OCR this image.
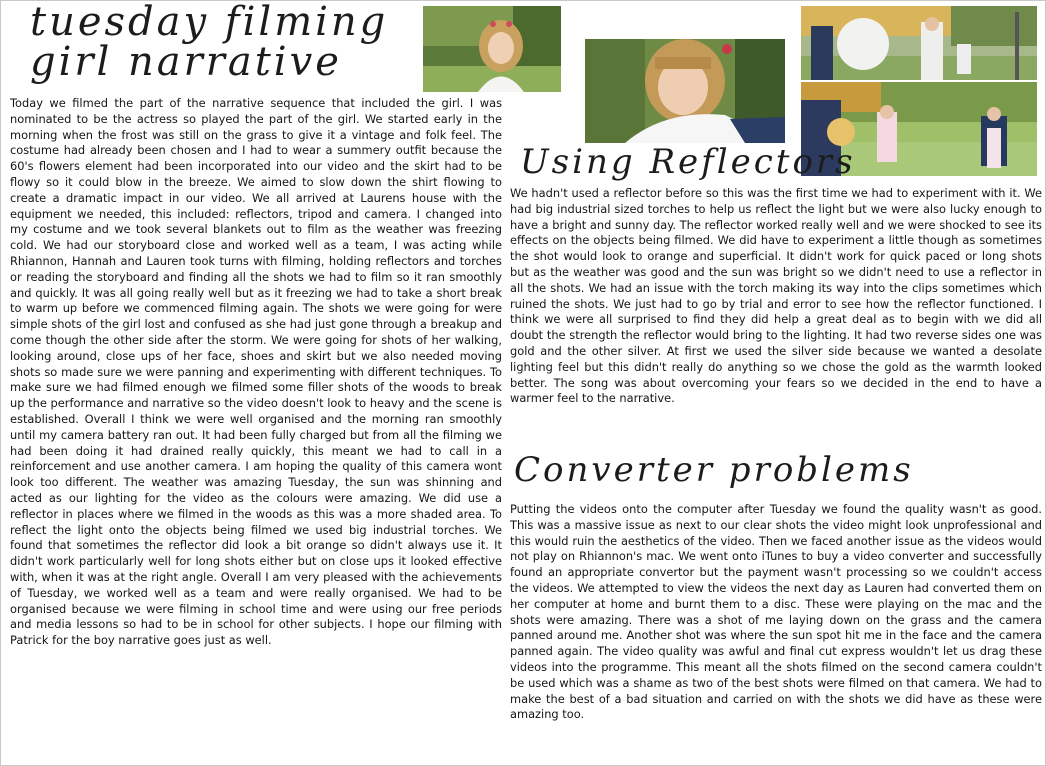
tuesday filming
girl narrative
Today we filmed the part of the narrative sequence that included the girl. I was nominated to be the actress so played the part of the girl. We started early in the morning when the frost was still on the grass to give it a vintage and folk feel. The costume had already been chosen and I had to wear a summery outfit because the 60's flowers element had been incorporated into our video and the skirt had to be flowy so it could blow in the breeze. We aimed to slow down the shirt flowing to create a dramatic impact in our video. We all arrived at Laurens house with the equipment we needed, this included: reflectors, tripod and camera. I changed into my costume and we took several blankets out to film as the weather was freezing cold. We had our storyboard close and worked well as a team, I was acting while Rhiannon, Hannah and Lauren took turns with filming, holding reflectors and torches or reading the storyboard and finding all the shots we had to film so it ran smoothly and quickly. It was all going really well but as it freezing we had to take a short break to warm up before we commenced filming again. The shots we were going for were simple shots of the girl lost and confused as she had just gone through a breakup and come though the other side after the storm. We were going for shots of her walking, looking around, close ups of her face, shoes and skirt but we also needed moving shots so made sure we were panning and experimenting with different techniques. To make sure we had filmed enough we filmed some filler shots of the woods to break up the performance and narrative so the video doesn't look to heavy and the scene is established. Overall I think we were well organised and the morning ran smoothly until my camera battery ran out. It had been fully charged but from all the filming we had been doing it had drained really quickly, this meant we had to call in a reinforcement and use another camera. I am hoping the quality of this camera wont look too different. The weather was amazing Tuesday, the sun was shinning and acted as our lighting for the video as the colours were amazing. We did use a reflector in places where we filmed in the woods as this was a more shaded area. To reflect the light onto the objects being filmed we used big industrial torches. We found that sometimes the reflector did look a bit orange so didn't always use it. It didn't work particularly well for long shots either but on close ups it looked effective with, when it was at the right angle. Overall I am very pleased with the achievements of Tuesday, we worked well as a team and were really organised. We had to be organised because we were filming in school time and were using our free periods and media lessons so had to be in school for other subjects. I hope our filming with Patrick for the boy narrative goes just as well.
Using Reflectors
We hadn't used a reflector before so this was the first time we had to experiment with it. We had big industrial sized torches to help us reflect the light but we were also lucky enough to have a bright and sunny day. The reflector worked really well and we were shocked to see its effects on the objects being filmed. We did have to experiment a little though as sometimes the shot would look to orange and superficial. It didn't work for quick paced or long shots but as the weather was good and the sun was bright so we didn't need to use a reflector in all the shots. We had an issue with the torch making its way into the clips sometimes which ruined the shots. We just had to go by trial and error to see how the reflector functioned. I think we were all surprised to find they did help a great deal as to begin with we did all doubt the strength the reflector would bring to the lighting. It had two reverse sides one was gold and the other silver. At first we used the silver side because we wanted a desolate lighting feel but this didn't really do anything so we chose the gold as the warmth looked better. The song was about overcoming your fears so we decided in the end to have a warmer feel to the narrative.
Converter problems
Putting the videos onto the computer after Tuesday we found the quality wasn't as good. This was a massive issue as next to our clear shots the video might look unprofessional and this would ruin the aesthetics of the video. Then we faced another issue as the videos would not play on Rhiannon's mac. We went onto iTunes to buy a video converter and successfully found an appropriate convertor but the payment wasn't processing so we couldn't access the videos. We attempted to view the videos the next day as Lauren had converted them on her computer at home and burnt them to a disc. These were playing on the mac and the shots were amazing. There was a shot of me laying down on the grass and the camera panned around me. Another shot was where the sun spot hit me in the face and the camera panned again. The video quality was awful and final cut express wouldn't let us drag these videos into the programme. This meant all the shots filmed on the second camera couldn't be used which was a shame as two of the best shots were filmed on that camera. We had to make the best of a bad situation and carried on with the shots we did have as these were amazing too.
